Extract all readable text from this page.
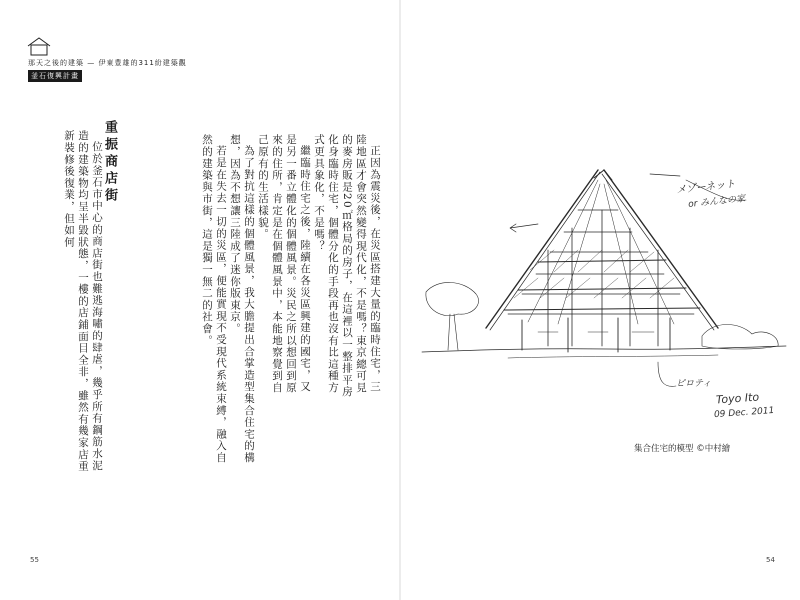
那天之後的建築 — 伊東豊雄的311紛建築觀
釜石復興計畫

正因為震災後，在災區搭建大量的臨時住宅，三陸地區才會突然變得現代化，不是嗎？東京總可見的麥房販是20㎡格局的房子，在這裡以一整排平房化身臨時住宅，個體分化的手段再也沒有比這種方式更具象化，不是嗎？

繼臨時住宅之後，陸續在各災區興建的國宅，又是另一番立體化的個體風景。災民之所以想回到原來的住所，肯定是在個體風景中，本能地察覺到自己原有的生活樣貌。

為了對抗這樣的個體風景，我大膽提出合掌造型集合住宅的構想，因為不想讓三陸成了迷你版東京。

若是在失去一切的災區，便能實現不受現代系統束縛，融入自然的建築與市街，這是獨一無二的社會。

重振商店街

位於釜石市中心的商店街也難逃海嘯的肆虐，幾乎所有鋼筋水泥造的建築物均呈半毀狀態，一樓的店鋪面目全非，雖然有幾家店重新裝修後復業，但如何	メゾーネット
or みんなの家
ピロティ
Toyo Ito
09 Dec. 2011
集合住宅的模型 ©中村繪
55	54
